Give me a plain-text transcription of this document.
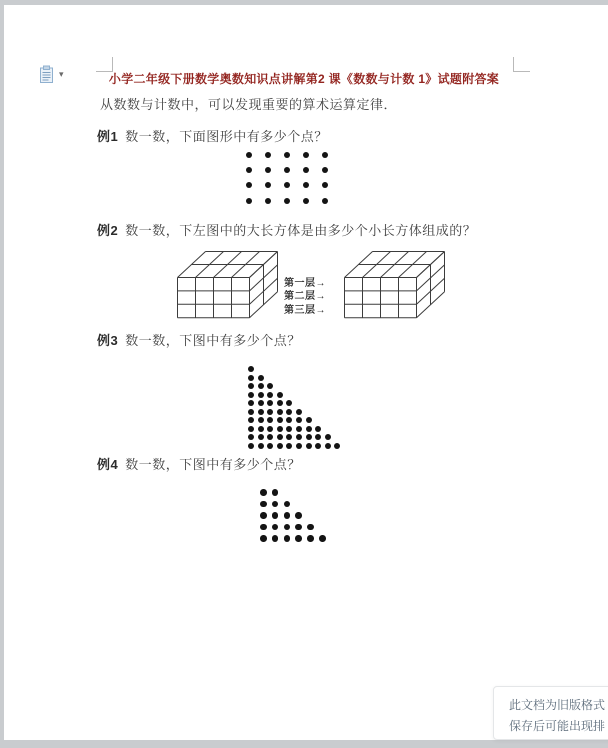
▾	小学二年级下册数学奥数知识点讲解第2 课《数数与计数 1》试题附答案
从数数与计数中，可以发现重要的算术运算定律．
例1 数一数，下面图形中有多少个点？
例2 数一数，下左图中的大长方体是由多少个小长方体组成的？
第一层→
第二层→
第三层→
例3 数一数，下图中有多少个点？
例4 数一数，下图中有多少个点？
此文档为旧版格式
保存后可能出现排
